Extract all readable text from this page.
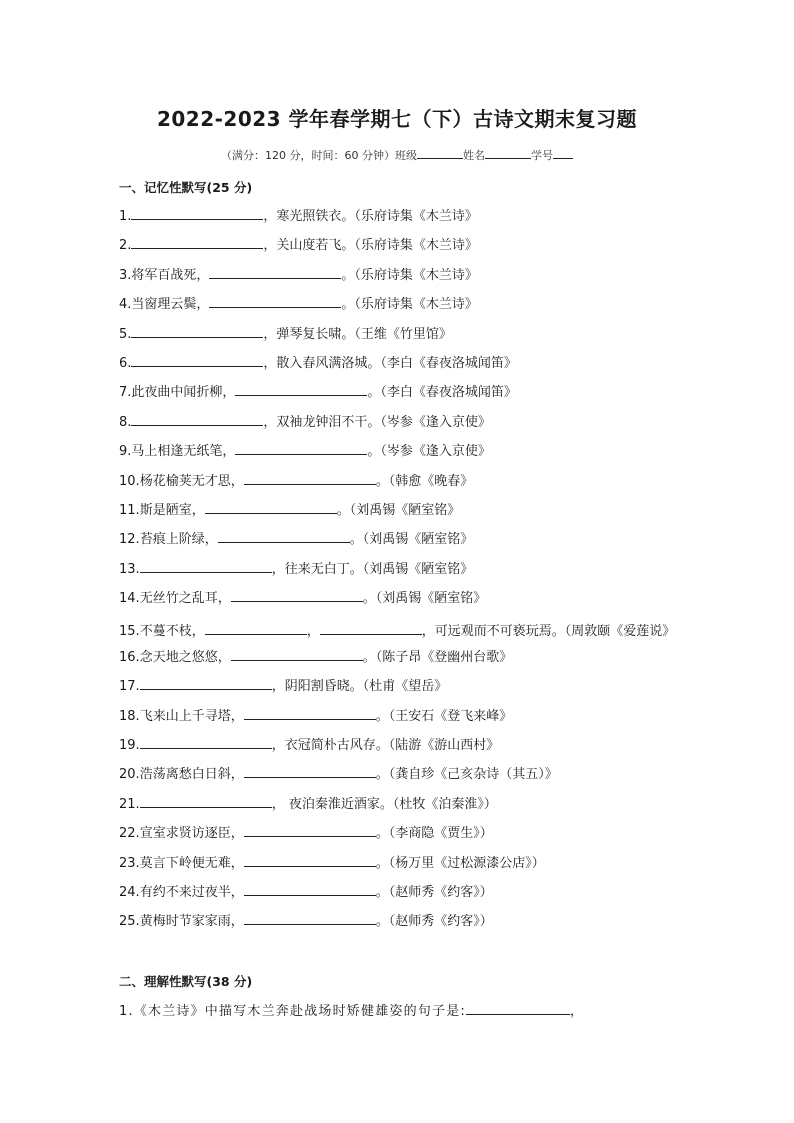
2022-2023 学年春学期七（下）古诗文期末复习题
（满分：120 分，时间：60 分钟）班级	姓名	学号
一、记忆性默写(25 分)
1.	，寒光照铁衣。（乐府诗集《木兰诗》
2.	，关山度若飞。（乐府诗集《木兰诗》
3.将军百战死，	。（乐府诗集《木兰诗》
4.当窗理云鬓，	。（乐府诗集《木兰诗》
5.	，弹琴复长啸。（王维《竹里馆》
6.	，散入春风满洛城。（李白《春夜洛城闻笛》
7.此夜曲中闻折柳，	。（李白《春夜洛城闻笛》
8.	，双袖龙钟泪不干。（岑参《逢入京使》
9.马上相逢无纸笔，	。（岑参《逢入京使》
10.杨花榆荚无才思，	。（韩愈《晚春》
11.斯是陋室，	。（刘禹锡《陋室铭》
12.苔痕上阶绿，	。（刘禹锡《陋室铭》
13.	，往来无白丁。（刘禹锡《陋室铭》
14.无丝竹之乱耳，	。（刘禹锡《陋室铭》
15.不蔓不枝，	，	，可远观而不可亵玩焉。（周敦颐《爱莲说》
16.念天地之悠悠，	。（陈子昂《登幽州台歌》
17.	，阴阳割昏晓。（杜甫《望岳》
18.飞来山上千寻塔，	。（王安石《登飞来峰》
19.	，衣冠简朴古风存。（陆游《游山西村》
20.浩荡离愁白日斜，	。（龚自珍《己亥杂诗（其五）》
21.	， 夜泊秦淮近酒家。（杜牧《泊秦淮》）
22.宣室求贤访逐臣，	。（李商隐《贾生》）
23.莫言下岭便无难，	。（杨万里《过松源漆公店》）
24.有约不来过夜半，	。（赵师秀《约客》）
25.黄梅时节家家雨，	。（赵师秀《约客》）
二、理解性默写(38 分)
1.《木兰诗》中描写木兰奔赴战场时矫健雄姿的句子是:	，
